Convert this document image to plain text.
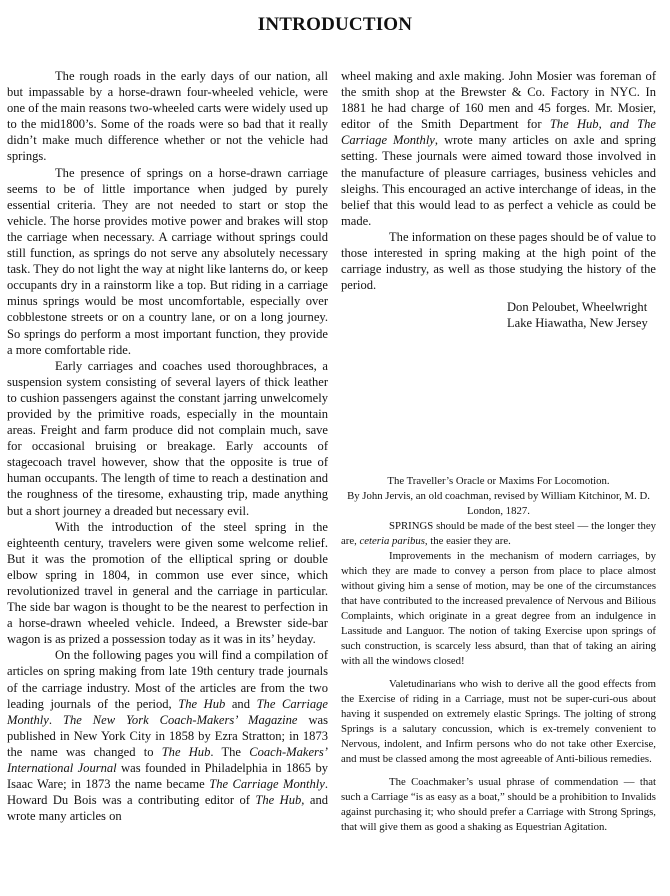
INTRODUCTION

The rough roads in the early days of our nation, all but impassable by a horse-drawn four-wheeled vehicle, were one of the main reasons two-wheeled carts were widely used up to the mid1800’s. Some of the roads were so bad that it really didn’t make much difference whether or not the vehicle had springs.

The presence of springs on a horse-drawn carriage seems to be of little importance when judged by purely essential criteria. They are not needed to start or stop the vehicle. The horse provides motive power and brakes will stop the carriage when necessary. A carriage without springs could still function, as springs do not serve any absolutely necessary task. They do not light the way at night like lanterns do, or keep occupants dry in a rainstorm like a top. But riding in a carriage minus springs would be most uncomfortable, especially over cobblestone streets or on a country lane, or on a long journey. So springs do perform a most important function, they provide a more comfortable ride.

Early carriages and coaches used thoroughbraces, a suspension system consisting of several layers of thick leather to cushion passengers against the constant jarring unwelcomely provided by the primitive roads, especially in the mountain areas. Freight and farm produce did not complain much, save for occasional bruising or breakage. Early accounts of stagecoach travel however, show that the opposite is true of human occupants. The length of time to reach a destination and the roughness of the tiresome, exhausting trip, made anything but a short journey a dreaded but necessary evil.

With the introduction of the steel spring in the eighteenth century, travelers were given some welcome relief. But it was the promotion of the elliptical spring or double elbow spring in 1804, in common use ever since, which revolutionized travel in general and the carriage in particular. The side bar wagon is thought to be the nearest to perfection in a horse-drawn wheeled vehicle. Indeed, a Brewster side-bar wagon is as prized a possession today as it was in its’ heyday.

On the following pages you will find a compilation of articles on spring making from late 19th century trade journals of the carriage industry. Most of the articles are from the two leading journals of the period, The Hub and The Carriage Monthly. The New York Coach-Makers’ Magazine was published in New York City in 1858 by Ezra Stratton; in 1873 the name was changed to The Hub. The Coach-Makers’ International Journal was founded in Philadelphia in 1865 by Isaac Ware; in 1873 the name became The Carriage Monthly. Howard Du Bois was a contributing editor of The Hub, and wrote many articles on

wheel making and axle making. John Mosier was foreman of the smith shop at the Brewster & Co. Factory in NYC. In 1881 he had charge of 160 men and 45 forges. Mr. Mosier, editor of the Smith Department for The Hub, and The Carriage Monthly, wrote many articles on axle and spring setting. These journals were aimed toward those involved in the manufacture of pleasure carriages, business vehicles and sleighs. This encouraged an active interchange of ideas, in the belief that this would lead to as perfect a vehicle as could be made.

The information on these pages should be of value to those interested in spring making at the high point of the carriage industry, as well as those studying the history of the period.

Don Peloubet, Wheelwright
Lake Hiawatha, New Jersey
The Traveller’s Oracle or Maxims For Locomotion.
By John Jervis, an old coachman, revised by William Kitchinor, M. D.
London, 1827.

SPRINGS should be made of the best steel — the longer they are, ceteria paribus, the easier they are.

Improvements in the mechanism of modern carriages, by which they are made to convey a person from place to place almost without giving him a sense of motion, may be one of the circumstances that have contributed to the increased prevalence of Nervous and Bilious Complaints, which originate in a great degree from an indulgence in Lassitude and Languor. The notion of taking Exercise upon springs of such construction, is scarcely less absurd, than that of taking an airing with all the windows closed!

Valetudinarians who wish to derive all the good effects from the Exercise of riding in a Carriage, must not be super-curi-ous about having it suspended on extremely elastic Springs. The jolting of strong Springs is a salutary concussion, which is ex-tremely convenient to Nervous, indolent, and Infirm persons who do not take other Exercise, and must be classed among the most agreeable of Anti-bilious remedies.

The Coachmaker’s usual phrase of commendation — that such a Carriage “is as easy as a boat,” should be a prohibition to Invalids against purchasing it; who should prefer a Carriage with Strong Springs, that will give them as good a shaking as Equestrian Agitation.
